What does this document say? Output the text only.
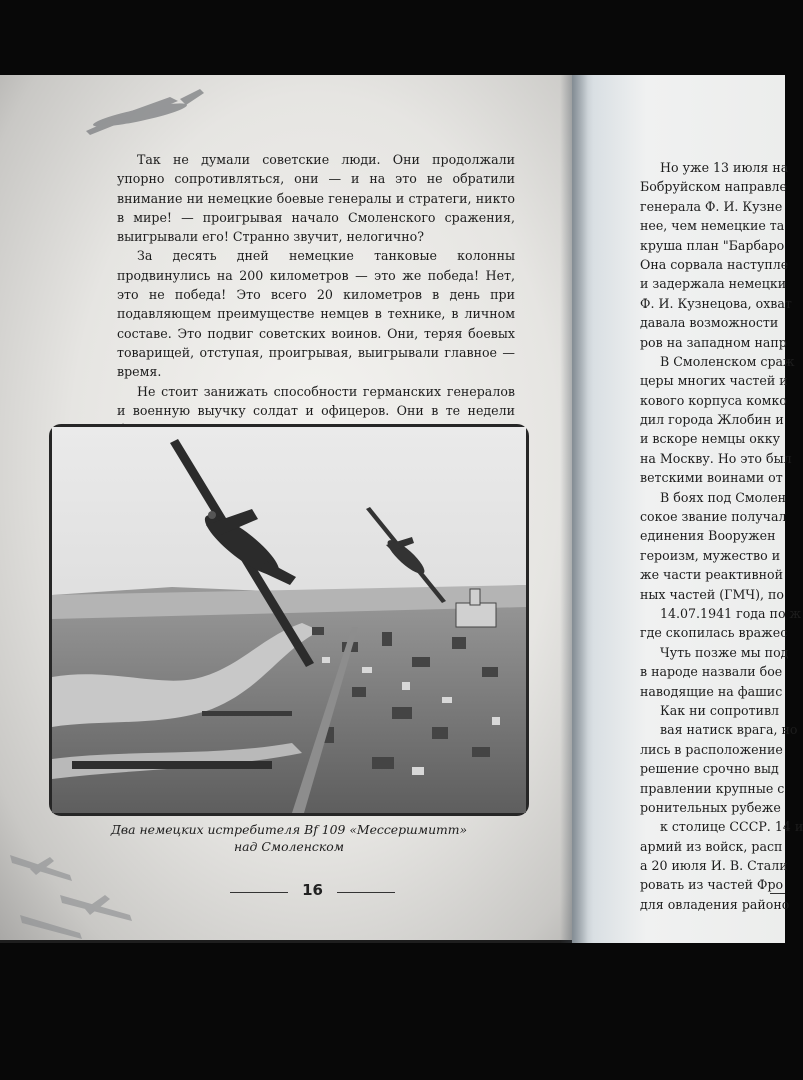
Так не думали советские люди. Они продолжали упорно сопротивляться, они — и на это не обратили внимание ни немецкие боевые генералы и стратеги, никто в мире! — проигрывая начало Смоленского сражения, выигрывали его! Странно звучит, нелогично?

За десять дней немецкие танковые колонны продвинулись на 200 километров — это же победа! Нет, это не победа! Это всего 20 километров в день при подавляющем преимуществе немцев в технике, в личном составе. Это подвиг советских воинов. Они, теряя боевых товарищей, отступая, проигрывая, выигрывали главное — время.

Не стоит занижать способности германских генералов и военную выучку солдат и офицеров. Они в те недели

Два немецких истребителя Bf 109 «Мессершмитт»
над Смоленском
16
Но уже 13 июля на
Бобруйском направле
генерала Ф. И. Кузне
нее, чем немецкие та
круша план "Барбаро
Она сорвала наступле
и задержала немецки
Ф. И. Кузнецова, охват
давала возможности
ров на западном напр
В Смоленском сраж
церы многих частей и
кового корпуса комко
дил города Жлобин и
и вскоре немцы окку
на Москву. Но это был
ветскими воинами от
В боях под Смолен
сокое звание получал
единения Вооружен
героизм, мужество и
же части реактивной
ных частей (ГМЧ), по
14.07.1941 года по ж
где скопилась вражес
Чуть позже мы под
в народе назвали бое
наводящие на фашис
Как ни сопротивл
вая натиск врага, но
лись в расположение
решение срочно выд
правлении крупные с
ронительных рубеже
к столице СССР. 14 и
армий из войск, расп
а 20 июля И. В. Стали
ровать из частей Фро
для овладения районо
